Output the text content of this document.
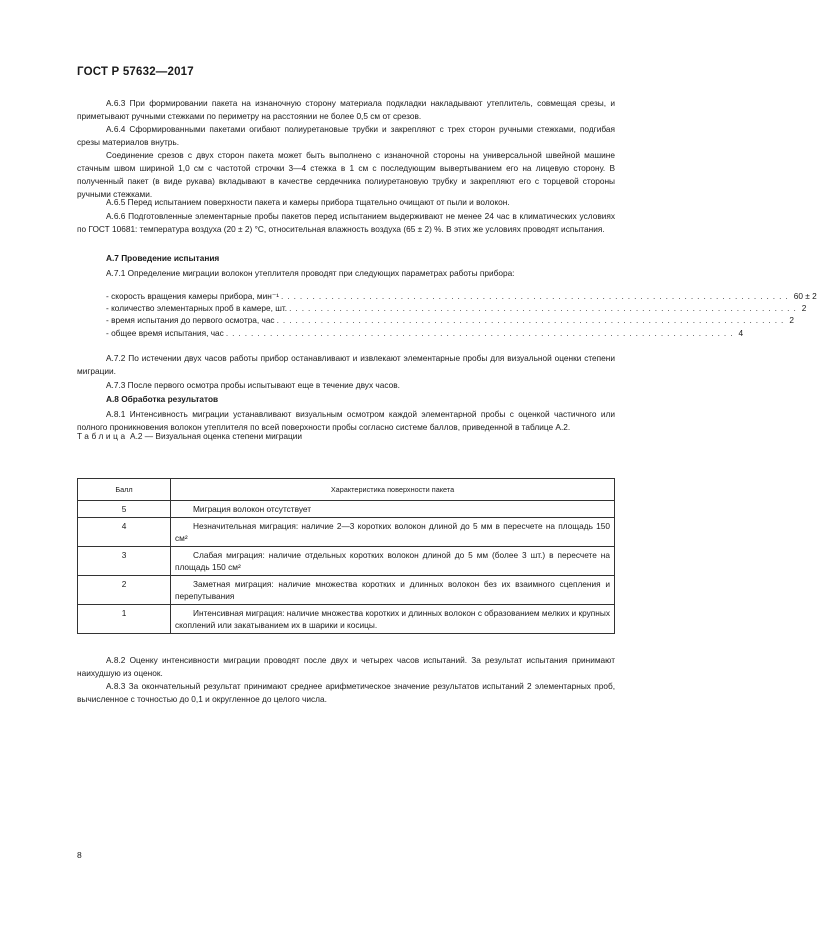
ГОСТ Р 57632—2017
А.6.3 При формировании пакета на изнаночную сторону материала подкладки накладывают утеплитель, совмещая срезы, и приметывают ручными стежками по периметру на расстоянии не более 0,5 см от срезов.
А.6.4 Сформированными пакетами огибают полиуретановые трубки и закрепляют с трех сторон ручными стежками, подгибая срезы материалов внутрь.
Соединение срезов с двух сторон пакета может быть выполнено с изнаночной стороны на универсальной швейной машине стачным швом шириной 1,0 см с частотой строчки 3—4 стежка в 1 см с последующим вывертыванием его на лицевую сторону. В полученный пакет (в виде рукава) вкладывают в качестве сердечника полиуретановую трубку и закрепляют его с торцевой стороны ручными стежками.
А.6.5 Перед испытанием поверхности пакета и камеры прибора тщательно очищают от пыли и волокон.
А.6.6 Подготовленные элементарные пробы пакетов перед испытанием выдерживают не менее 24 час в климатических условиях по ГОСТ 10681: температура воздуха (20 ± 2) °С, относительная влажность воздуха (65 ± 2) %. В этих же условиях проводят испытания.
А.7 Проведение испытания
А.7.1 Определение миграции волокон утеплителя проводят при следующих параметрах работы прибора:
- скорость вращения камеры прибора, мин⁻¹ ................................................................................. 60 ± 2
- количество элементарных проб в камере, шт. ................................................................................. 2
- время испытания до первого осмотра, час ................................................................................. 2
- общее время испытания, час ................................................................................. 4
А.7.2 По истечении двух часов работы прибор останавливают и извлекают элементарные пробы для визуальной оценки степени миграции.
А.7.3 После первого осмотра пробы испытывают еще в течение двух часов.
А.8 Обработка результатов
А.8.1 Интенсивность миграции устанавливают визуальным осмотром каждой элементарной пробы с оценкой частичного или полного проникновения волокон утеплителя по всей поверхности пробы согласно системе баллов, приведенной в таблице А.2.
Таблица А.2 — Визуальная оценка степени миграции
Балл	Характеристика поверхности пакета
5	Миграция волокон отсутствует

4	Незначительная миграция: наличие 2—3 коротких волокон длиной до 5 мм в пересчете на площадь 150 см²

3	Слабая миграция: наличие отдельных коротких волокон длиной до 5 мм (более 3 шт.) в пересчете на площадь 150 см²

2	Заметная миграция: наличие множества коротких и длинных волокон без их взаимного сцепления и перепутывания

1	Интенсивная миграция: наличие множества коротких и длинных волокон с образованием мелких и крупных скоплений или закатыванием их в шарики и косицы.
А.8.2 Оценку интенсивности миграции проводят после двух и четырех часов испытаний. За результат испытания принимают наихудшую из оценок.
А.8.3 За окончательный результат принимают среднее арифметическое значение результатов испытаний 2 элементарных проб, вычисленное с точностью до 0,1 и округленное до целого числа.
8
